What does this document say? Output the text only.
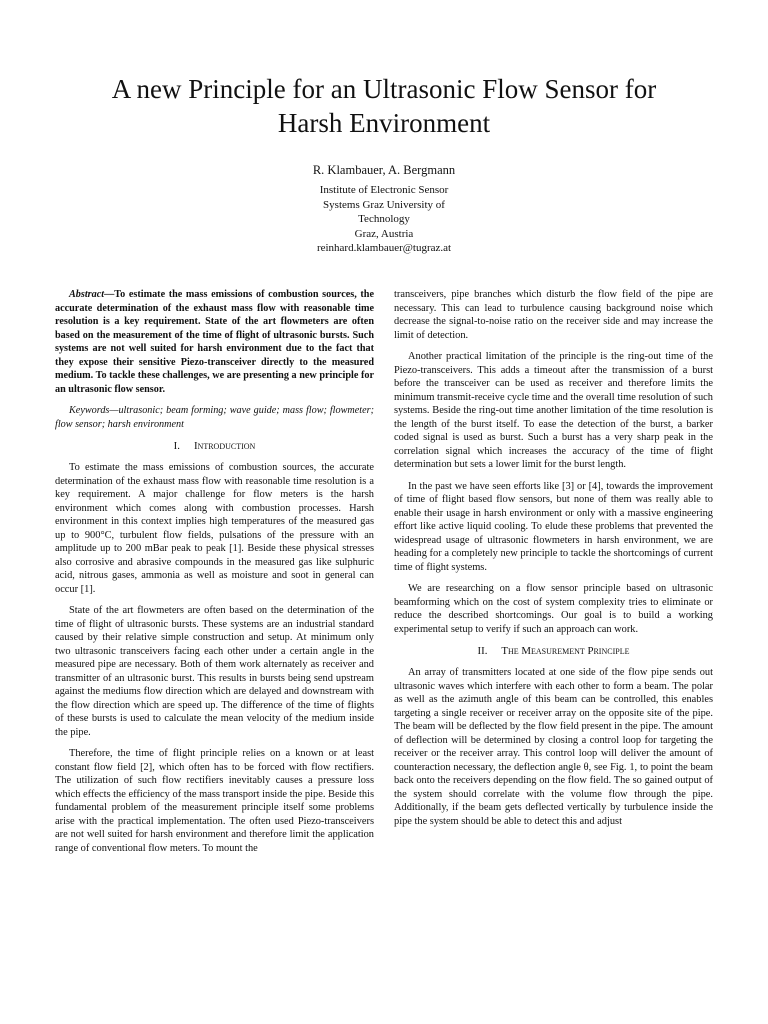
A new Principle for an Ultrasonic Flow Sensor for
Harsh Environment
R. Klambauer, A. Bergmann
Institute of Electronic Sensor
Systems Graz University of
Technology
Graz, Austria
reinhard.klambauer@tugraz.at

Abstract—To estimate the mass emissions of combustion sources, the accurate determination of the exhaust mass flow with reasonable time resolution is a key requirement. State of the art flowmeters are often based on the measurement of the time of flight of ultrasonic bursts. Such systems are not well suited for harsh environment due to the fact that they expose their sensitive Piezo-transceiver directly to the measured medium. To tackle these challenges, we are presenting a new principle for an ultrasonic flow sensor.

Keywords—ultrasonic; beam forming; wave guide; mass flow; flowmeter; flow sensor; harsh environment

I. Introduction

To estimate the mass emissions of combustion sources, the accurate determination of the exhaust mass flow with reasonable time resolution is a key requirement. A major challenge for flow meters is the harsh environment which comes along with combustion processes. Harsh environment in this context implies high temperatures of the measured gas up to 900°C, turbulent flow fields, pulsations of the pressure with an amplitude up to 200 mBar peak to peak [1]. Beside these physical stresses also corrosive and abrasive compounds in the measured gas like sulphuric acid, nitrous gases, ammonia as well as moisture and soot in general can occur [1].

State of the art flowmeters are often based on the determination of the time of flight of ultrasonic bursts. These systems are an industrial standard caused by their relative simple construction and setup. At minimum only two ultrasonic transceivers facing each other under a certain angle in the measured pipe are necessary. Both of them work alternately as receiver and transmitter of an ultrasonic burst. This results in bursts being send upstream against the mediums flow direction which are delayed and downstream with the flow direction which are speed up. The difference of the time of flights of these bursts is used to calculate the mean velocity of the medium inside the pipe.

Therefore, the time of flight principle relies on a known or at least constant flow field [2], which often has to be forced with flow rectifiers. The utilization of such flow rectifiers inevitably causes a pressure loss which effects the efficiency of the mass transport inside the pipe. Beside this fundamental problem of the measurement principle itself some problems arise with the practical implementation. The often used Piezo-transceivers are not well suited for harsh environment and therefore limit the application range of conventional flow meters. To mount the

transceivers, pipe branches which disturb the flow field of the pipe are necessary. This can lead to turbulence causing background noise which decrease the signal-to-noise ratio on the receiver side and may increase the limit of detection.

Another practical limitation of the principle is the ring-out time of the Piezo-transceivers. This adds a timeout after the transmission of a burst before the transceiver can be used as receiver and therefore limits the minimum transmit-receive cycle time and the overall time resolution of such systems. Beside the ring-out time another limitation of the time resolution is the length of the burst itself. To ease the detection of the burst, a barker coded signal is used as burst. Such a burst has a very sharp peak in the correlation signal which increases the accuracy of the time of flight determination but sets a lower limit for the burst length.

In the past we have seen efforts like [3] or [4], towards the improvement of time of flight based flow sensors, but none of them was really able to enable their usage in harsh environment or only with a massive engineering effort like active liquid cooling. To elude these problems that prevented the widespread usage of ultrasonic flowmeters in harsh environment, we are heading for a completely new principle to tackle the shortcomings of current time of flight systems.

We are researching on a flow sensor principle based on ultrasonic beamforming which on the cost of system complexity tries to eliminate or reduce the described shortcomings. Our goal is to build a working experimental setup to verify if such an approach can work.

II. The Measurement Principle

An array of transmitters located at one side of the flow pipe sends out ultrasonic waves which interfere with each other to form a beam. The polar as well as the azimuth angle of this beam can be controlled, this enables targeting a single receiver or receiver array on the opposite site of the pipe. The beam will be deflected by the flow field present in the pipe. The amount of deflection will be determined by closing a control loop for targeting the receiver or the receiver array. This control loop will deliver the amount of counteraction necessary, the deflection angle θ, see Fig. 1, to point the beam back onto the receivers depending on the flow field. The so gained output of the system should correlate with the volume flow through the pipe. Additionally, if the beam gets deflected vertically by turbulence inside the pipe the system should be able to detect this and adjust
